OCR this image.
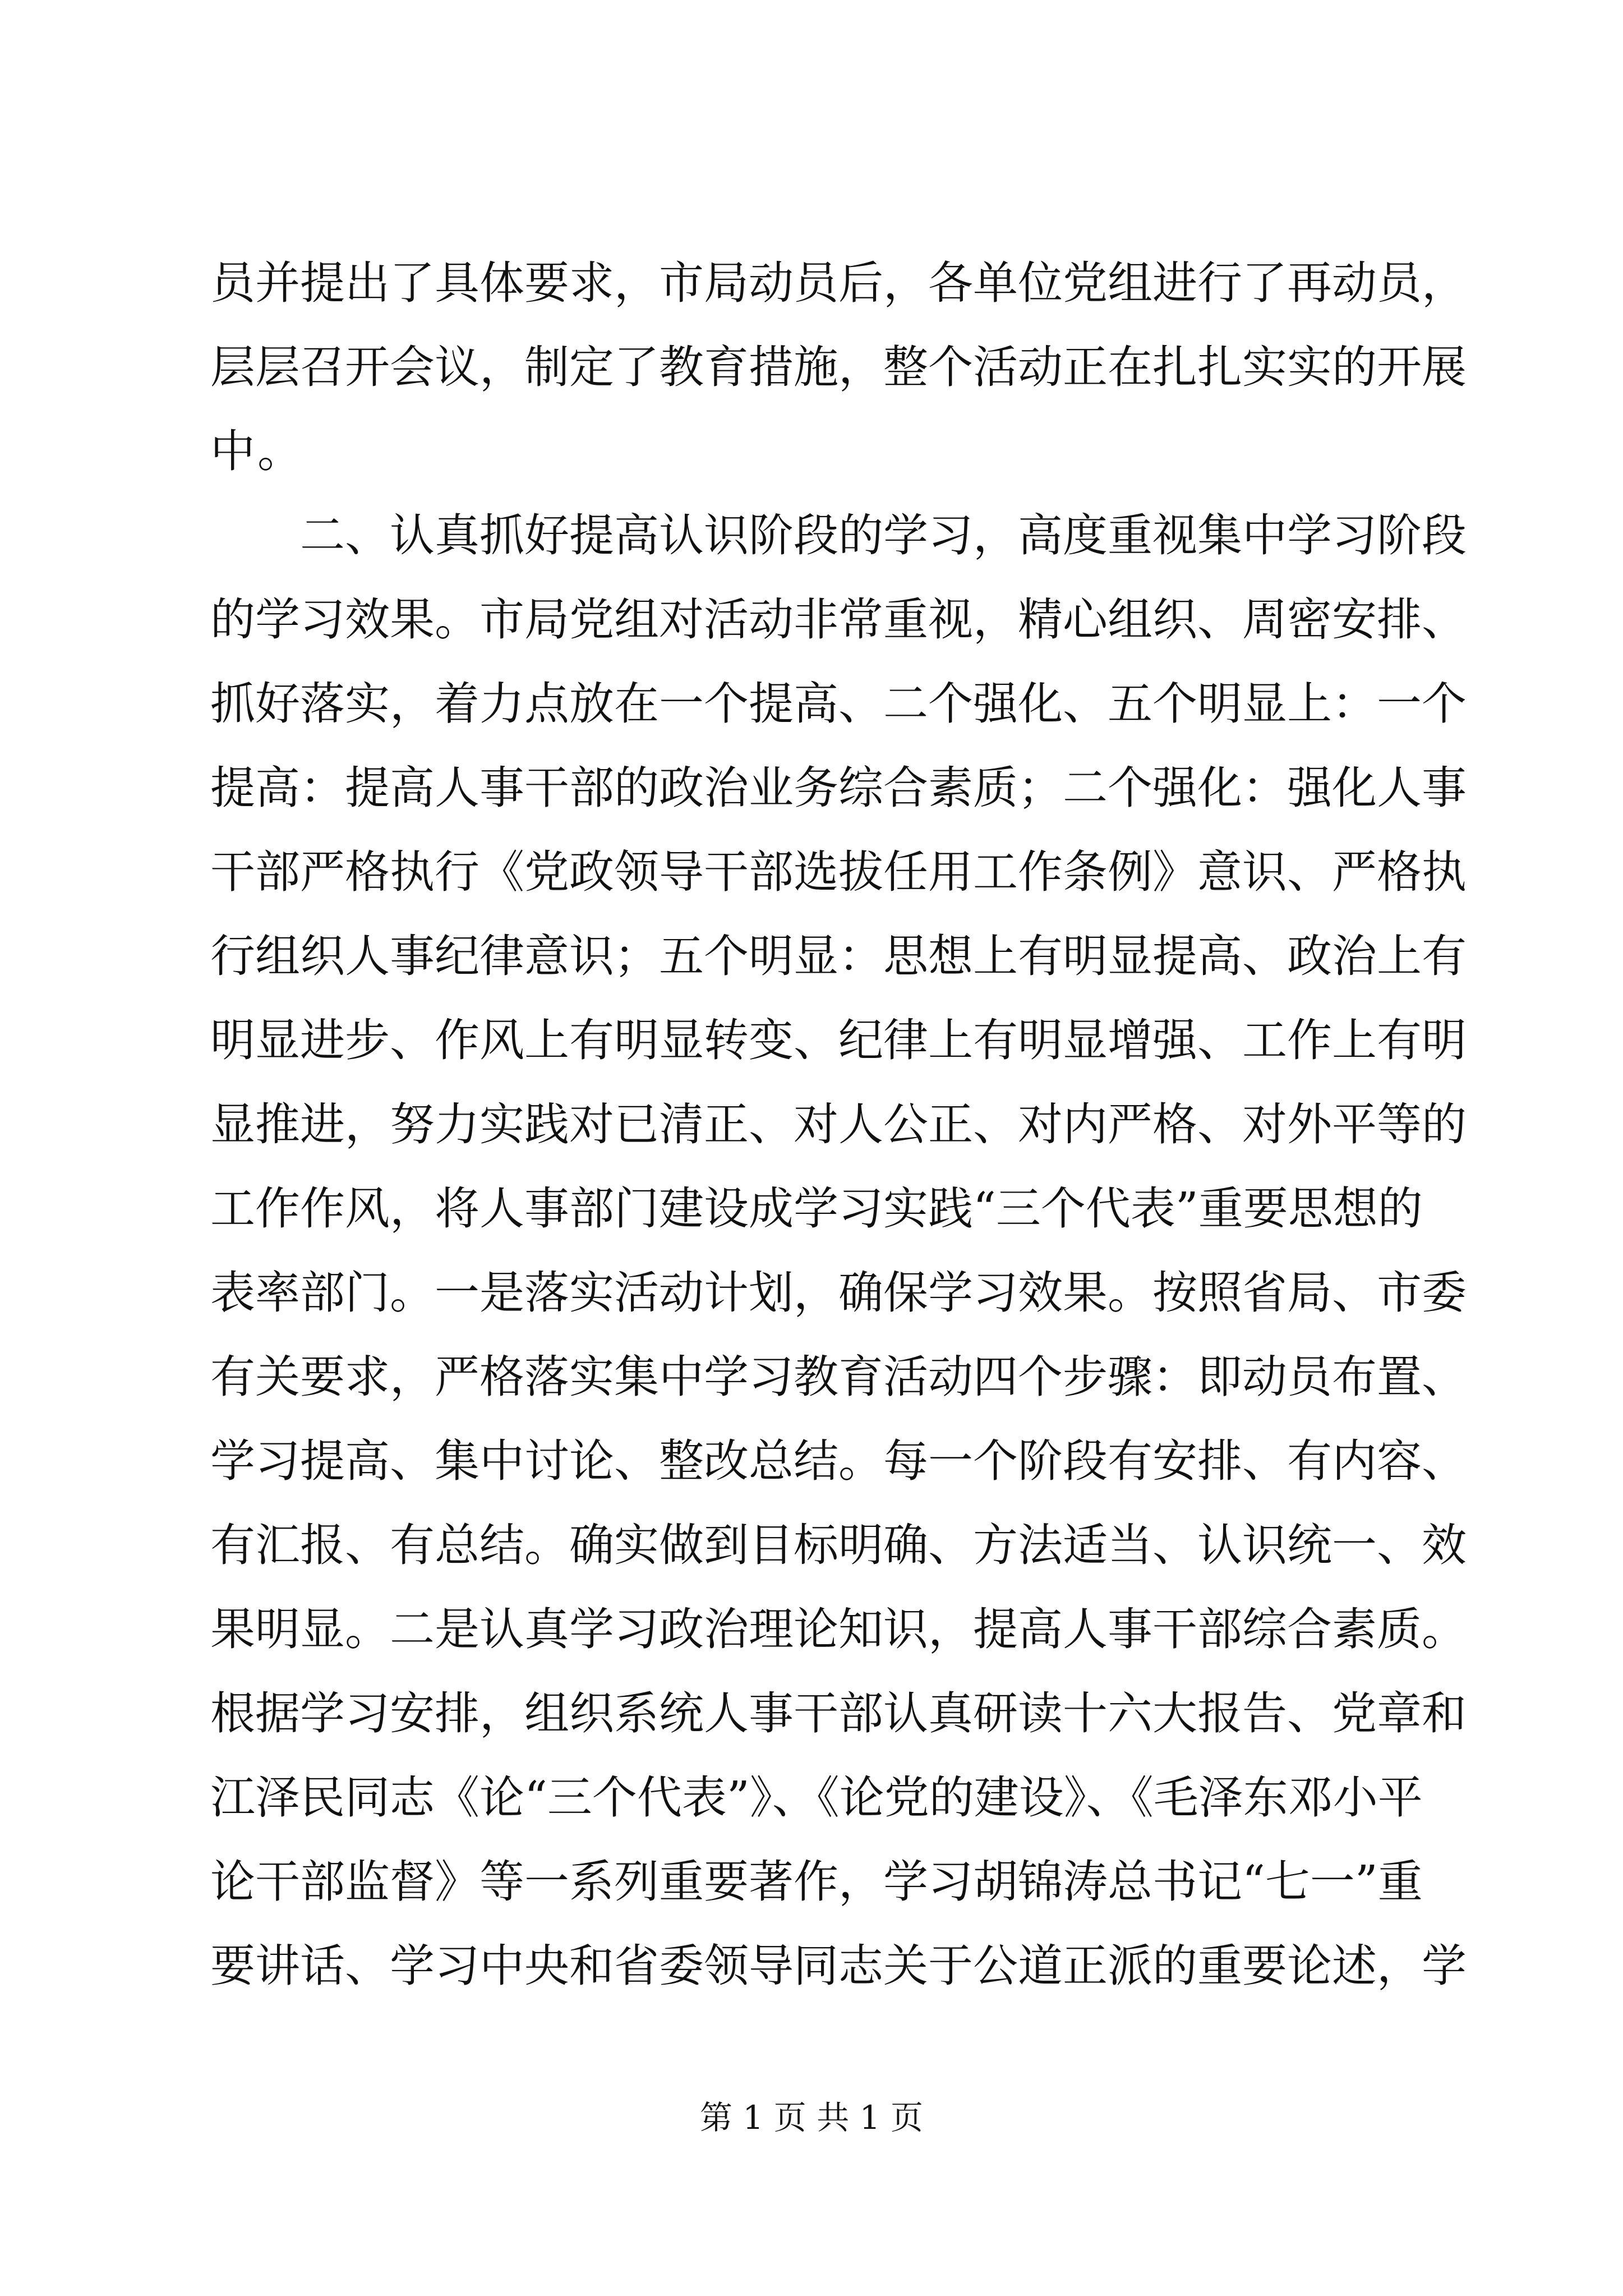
员并提出了具体要求，市局动员后，各单位党组进行了再动员，
层层召开会议，制定了教育措施，整个活动正在扎扎实实的开展
中。
二、认真抓好提高认识阶段的学习，高度重视集中学习阶段
的学习效果。市局党组对活动非常重视，精心组织、周密安排、
抓好落实，着力点放在一个提高、二个强化、五个明显上：一个
提高：提高人事干部的政治业务综合素质；二个强化：强化人事
干部严格执行《党政领导干部选拔任用工作条例》意识、严格执
行组织人事纪律意识；五个明显：思想上有明显提高、政治上有
明显进步、作风上有明显转变、纪律上有明显增强、工作上有明
显推进，努力实践对已清正、对人公正、对内严格、对外平等的
工作作风，将人事部门建设成学习实践“三个代表”重要思想的
表率部门。一是落实活动计划，确保学习效果。按照省局、市委
有关要求，严格落实集中学习教育活动四个步骤：即动员布置、
学习提高、集中讨论、整改总结。每一个阶段有安排、有内容、
有汇报、有总结。确实做到目标明确、方法适当、认识统一、效
果明显。二是认真学习政治理论知识，提高人事干部综合素质。
根据学习安排，组织系统人事干部认真研读十六大报告、党章和
江泽民同志《论“三个代表”》、《论党的建设》、《毛泽东邓小平
论干部监督》等一系列重要著作，学习胡锦涛总书记“七一”重
要讲话、学习中央和省委领导同志关于公道正派的重要论述，学
第 1 页 共 1 页
